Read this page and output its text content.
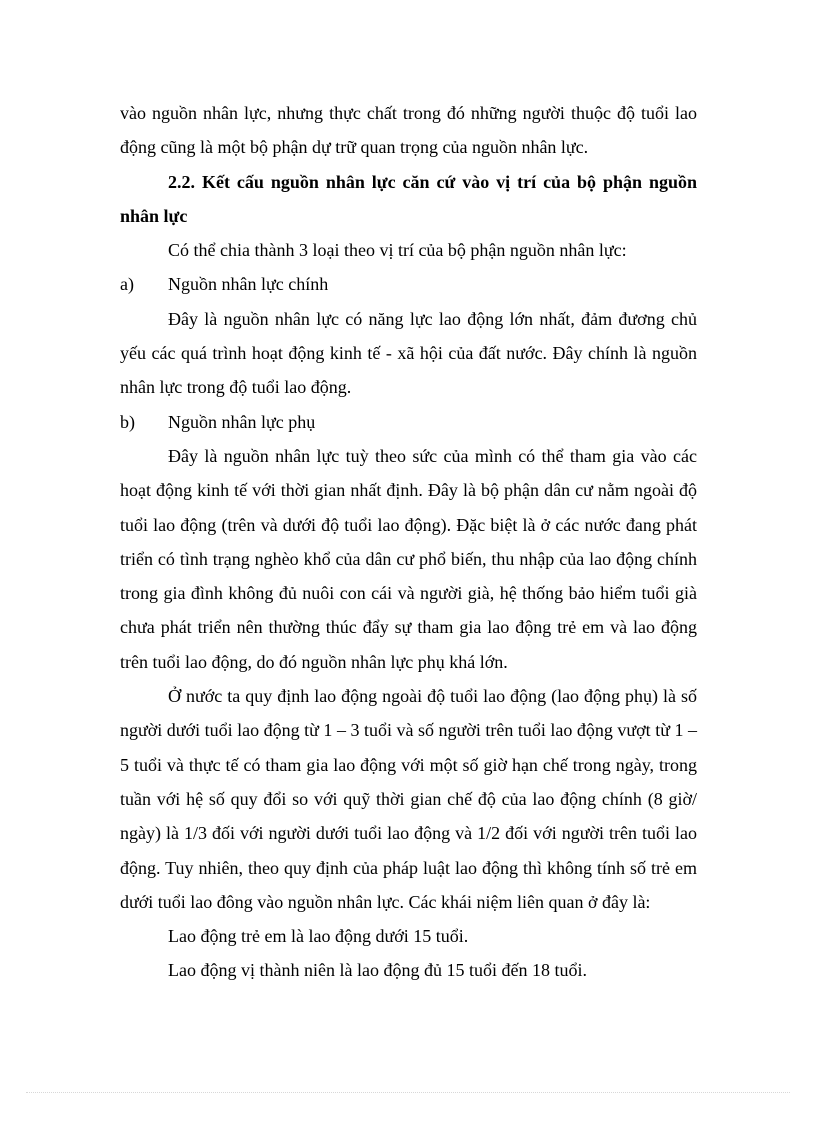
vào nguồn nhân lực, nhưng thực chất trong đó những người thuộc độ tuổi lao động cũng là một bộ phận dự trữ quan trọng của nguồn nhân lực.

2.2. Kết cấu nguồn nhân lực căn cứ vào vị trí của bộ phận nguồn nhân lực

Có thể chia thành 3 loại theo vị trí của bộ phận nguồn nhân lực:

a)	Nguồn nhân lực chính

Đây là nguồn nhân lực có năng lực lao động lớn nhất, đảm đương chủ yếu các quá trình hoạt động kinh tế - xã hội của đất nước. Đây chính là nguồn nhân lực trong độ tuổi lao động.

b)	Nguồn nhân lực phụ

Đây là nguồn nhân lực tuỳ theo sức của mình có thể tham gia vào các hoạt động kinh tế với thời gian nhất định. Đây là bộ phận dân cư nằm ngoài độ tuổi lao động (trên và dưới độ tuổi lao động). Đặc biệt là ở các nước đang phát triển có tình trạng nghèo khổ của dân cư phổ biến, thu nhập của lao động chính trong gia đình không đủ nuôi con cái và người già, hệ thống bảo hiểm tuổi già chưa phát triển nên thường thúc đẩy sự tham gia lao động trẻ em và lao động trên tuổi lao động, do đó nguồn nhân lực phụ khá lớn.

Ở nước ta quy định lao động ngoài độ tuổi lao động (lao động phụ) là số người dưới tuổi lao động từ 1 – 3 tuổi và số người trên tuổi lao động vượt từ 1 – 5 tuổi và thực tế có tham gia lao động với một số giờ hạn chế trong ngày, trong tuần với hệ số quy đổi so với quỹ thời gian chế độ của lao động chính (8 giờ/ ngày) là 1/3 đối với người dưới tuổi lao động và 1/2 đối với người trên tuổi lao động. Tuy nhiên, theo quy định của pháp luật lao động thì không tính số trẻ em dưới tuổi lao đông vào nguồn nhân lực. Các khái niệm liên quan ở đây là:

Lao động trẻ em là lao động dưới 15 tuổi.

Lao động vị thành niên là lao động đủ 15 tuổi đến 18 tuổi.
